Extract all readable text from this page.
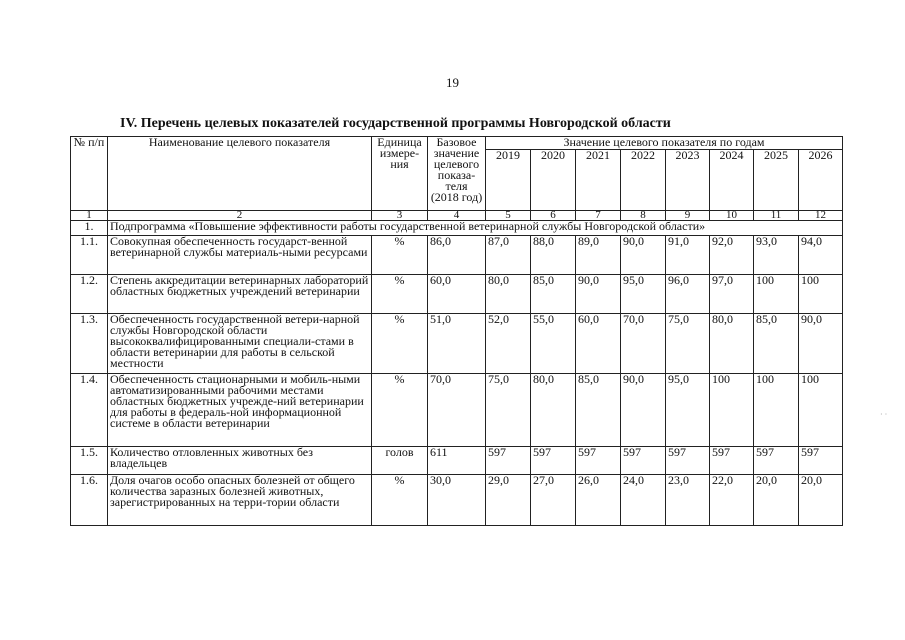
19
IV. Перечень целевых показателей государственной программы Новгородской области
№ п/п	Наименование целевого показателя	Единица измере-ния	Базовое значение целевого показа-теля (2018 год)	Значение целевого показателя по годам							
				2019	2020	2021	2022	2023	2024	2025	2026
1	2	3	4	5	6	7	8	9	10	11	12
1.	Подпрограмма «Повышение эффективности работы государственной ветеринарной службы Новгородской области»										
1.1.	Совокупная обеспеченность государст-венной ветеринарной службы материаль-ными ресурсами	%	86,0	87,0	88,0	89,0	90,0	91,0	92,0	93,0	94,0
1.2.	Степень аккредитации ветеринарных лабораторий областных бюджетных учреждений ветеринарии	%	60,0	80,0	85,0	90,0	95,0	96,0	97,0	100	100
1.3.	Обеспеченность государственной ветери-нарной службы Новгородской области высококвалифицированными специали-стами в области ветеринарии для работы в сельской местности	%	51,0	52,0	55,0	60,0	70,0	75,0	80,0	85,0	90,0
1.4.	Обеспеченность стационарными и мобиль-ными автоматизированными рабочими местами областных бюджетных учрежде-ний ветеринарии для работы в федераль-ной информационной системе в области ветеринарии	%	70,0	75,0	80,0	85,0	90,0	95,0	100	100	100
1.5.	Количество отловленных животных без владельцев	голов	611	597	597	597	597	597	597	597	597
1.6.	Доля очагов особо опасных болезней от общего количества заразных болезней животных, зарегистрированных на терри-тории области	%	30,0	29,0	27,0	26,0	24,0	23,0	22,0	20,0	20,0
· ·
